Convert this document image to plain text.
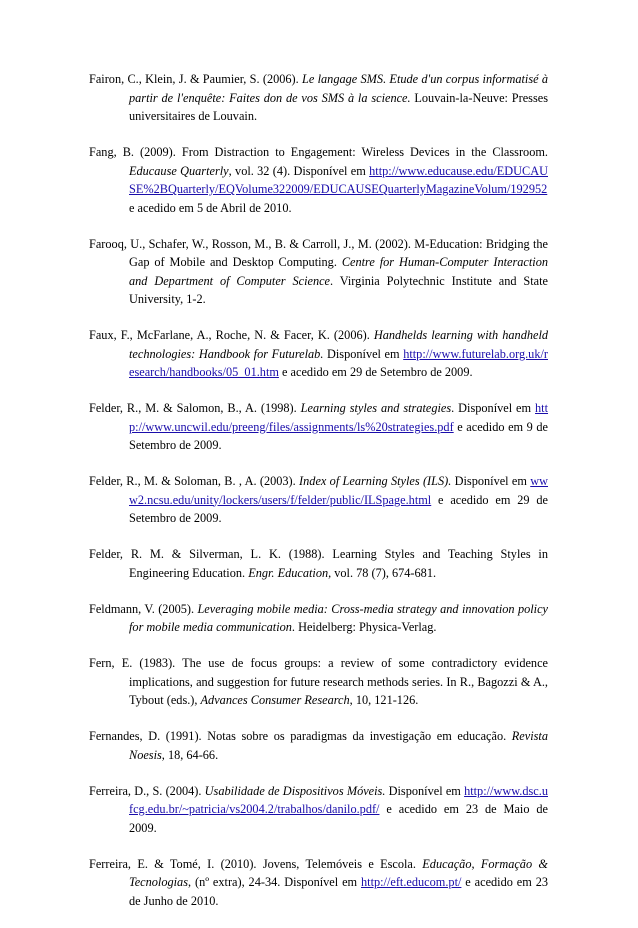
Fairon, C., Klein, J. & Paumier, S. (2006). Le langage SMS. Etude d'un corpus informatisé à partir de l'enquête: Faites don de vos SMS à la science. Louvain-la-Neuve: Presses universitaires de Louvain.

Fang, B. (2009). From Distraction to Engagement: Wireless Devices in the Classroom. Educause Quarterly, vol. 32 (4). Disponível em http://www.educause.edu/EDUCAUSE%2BQuarterly/EQVolume322009/EDUCAUSEQuarterlyMagazineVolum/192952 e acedido em 5 de Abril de 2010.

Farooq, U., Schafer, W., Rosson, M., B. & Carroll, J., M. (2002). M-Education: Bridging the Gap of Mobile and Desktop Computing. Centre for Human-Computer Interaction and Department of Computer Science. Virginia Polytechnic Institute and State University, 1-2.

Faux, F., McFarlane, A., Roche, N. & Facer, K. (2006). Handhelds learning with handheld technologies: Handbook for Futurelab. Disponível em http://www.futurelab.org.uk/research/handbooks/05_01.htm e acedido em 29 de Setembro de 2009.

Felder, R., M. & Salomon, B., A. (1998). Learning styles and strategies. Disponível em http://www.uncwil.edu/preeng/files/assignments/ls%20strategies.pdf e acedido em 9 de Setembro de 2009.

Felder, R., M. & Soloman, B. , A. (2003). Index of Learning Styles (ILS). Disponível em www2.ncsu.edu/unity/lockers/users/f/felder/public/ILSpage.html e acedido em 29 de Setembro de 2009.

Felder, R. M. & Silverman, L. K. (1988). Learning Styles and Teaching Styles in Engineering Education. Engr. Education, vol. 78 (7), 674-681.

Feldmann, V. (2005). Leveraging mobile media: Cross-media strategy and innovation policy for mobile media communication. Heidelberg: Physica-Verlag.

Fern, E. (1983). The use de focus groups: a review of some contradictory evidence implications, and suggestion for future research methods series. In R., Bagozzi & A., Tybout (eds.), Advances Consumer Research, 10, 121-126.

Fernandes, D. (1991). Notas sobre os paradigmas da investigação em educação. Revista Noesis, 18, 64-66.

Ferreira, D., S. (2004). Usabilidade de Dispositivos Móveis. Disponível em http://www.dsc.ufcg.edu.br/~patricia/vs2004.2/trabalhos/danilo.pdf/ e acedido em 23 de Maio de 2009.

Ferreira, E. & Tomé, I. (2010). Jovens, Telemóveis e Escola. Educação, Formação & Tecnologias, (nº extra), 24-34. Disponível em http://eft.educom.pt/ e acedido em 23 de Junho de 2010.
